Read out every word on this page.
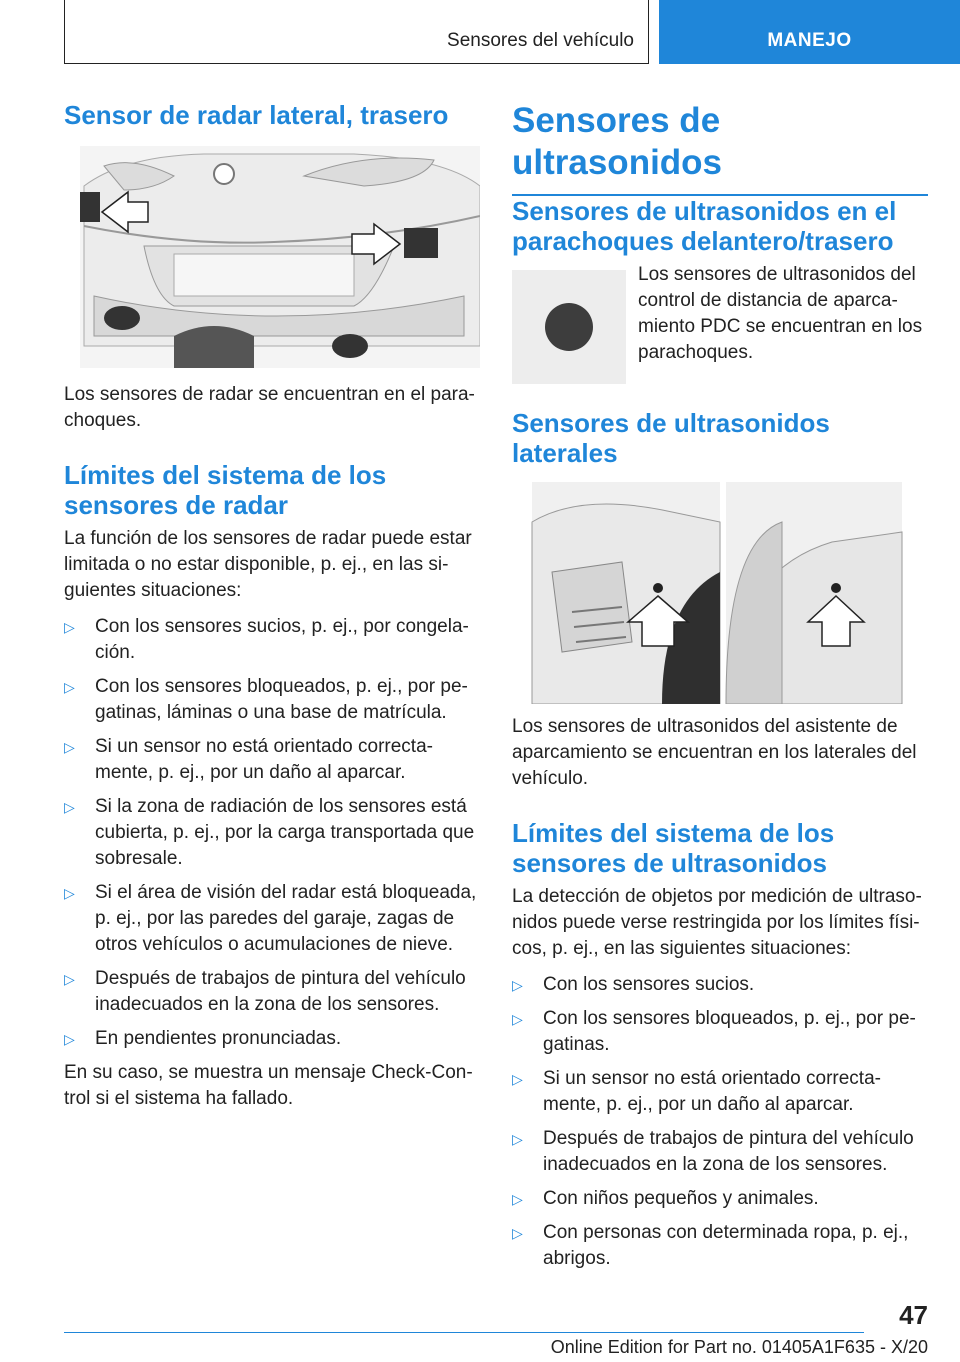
Sensores del vehículo	MANEJO
Sensor de radar lateral, trasero

Los sensores de radar se encuentran en el para-choques.

Límites del sistema de los sensores de radar

La función de los sensores de radar puede estar limitada o no estar disponible, p. ej., en las si-guientes situaciones:

▷ Con los sensores sucios, p. ej., por congela-ción.
▷ Con los sensores bloqueados, p. ej., por pe-gatinas, láminas o una base de matrícula.
▷ Si un sensor no está orientado correcta-mente, p. ej., por un daño al aparcar.
▷ Si la zona de radiación de los sensores está cubierta, p. ej., por la carga transportada que sobresale.
▷ Si el área de visión del radar está bloqueada, p. ej., por las paredes del garaje, zagas de otros vehículos o acumulaciones de nieve.
▷ Después de trabajos de pintura del vehículo inadecuados en la zona de los sensores.
▷ En pendientes pronunciadas.

En su caso, se muestra un mensaje Check-Con-trol si el sistema ha fallado.

Sensores de ultrasonidos
Sensores de ultrasonidos en el parachoques delantero/trasero

Los sensores de ultrasonidos del control de distancia de aparca-miento PDC se encuentran en los parachoques.

Sensores de ultrasonidos laterales

Los sensores de ultrasonidos del asistente de aparcamiento se encuentran en los laterales del vehículo.

Límites del sistema de los sensores de ultrasonidos

La detección de objetos por medición de ultraso-nidos puede verse restringida por los límites físi-cos, p. ej., en las siguientes situaciones:

▷ Con los sensores sucios.
▷ Con los sensores bloqueados, p. ej., por pe-gatinas.
▷ Si un sensor no está orientado correcta-mente, p. ej., por un daño al aparcar.
▷ Después de trabajos de pintura del vehículo inadecuados en la zona de los sensores.
▷ Con niños pequeños y animales.
▷ Con personas con determinada ropa, p. ej., abrigos.
47
Online Edition for Part no. 01405A1F635 - X/20
